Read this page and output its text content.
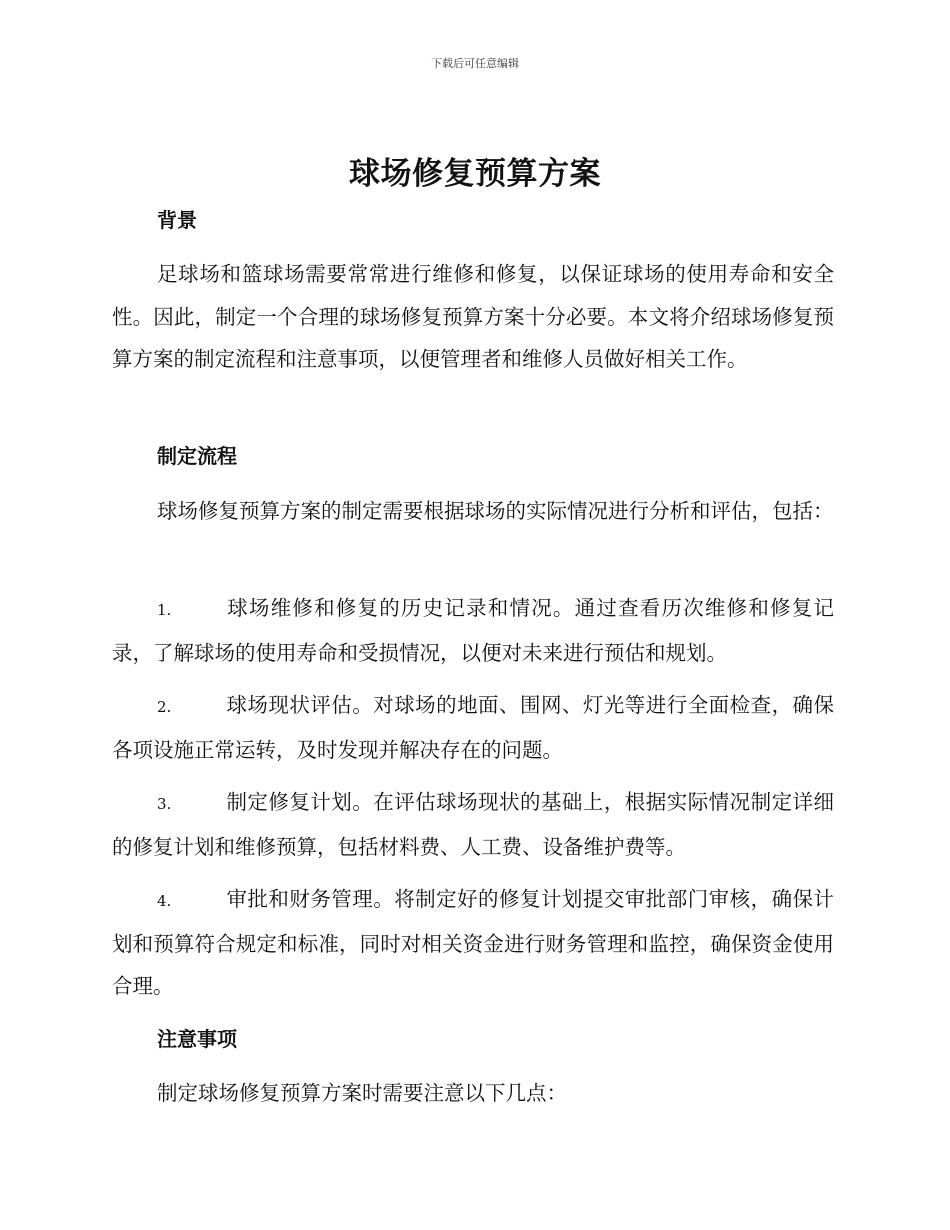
下载后可任意编辑
球场修复预算方案
背景

足球场和篮球场需要常常进行维修和修复，以保证球场的使用寿命和安全性。因此，制定一个合理的球场修复预算方案十分必要。本文将介绍球场修复预算方案的制定流程和注意事项，以便管理者和维修人员做好相关工作。

制定流程

球场修复预算方案的制定需要根据球场的实际情况进行分析和评估，包括：

1.	球场维修和修复的历史记录和情况。通过查看历次维修和修复记录，了解球场的使用寿命和受损情况，以便对未来进行预估和规划。

2.	球场现状评估。对球场的地面、围网、灯光等进行全面检查，确保各项设施正常运转，及时发现并解决存在的问题。

3.	制定修复计划。在评估球场现状的基础上，根据实际情况制定详细的修复计划和维修预算，包括材料费、人工费、设备维护费等。

4.	审批和财务管理。将制定好的修复计划提交审批部门审核，确保计划和预算符合规定和标准，同时对相关资金进行财务管理和监控，确保资金使用合理。

注意事项

制定球场修复预算方案时需要注意以下几点：
